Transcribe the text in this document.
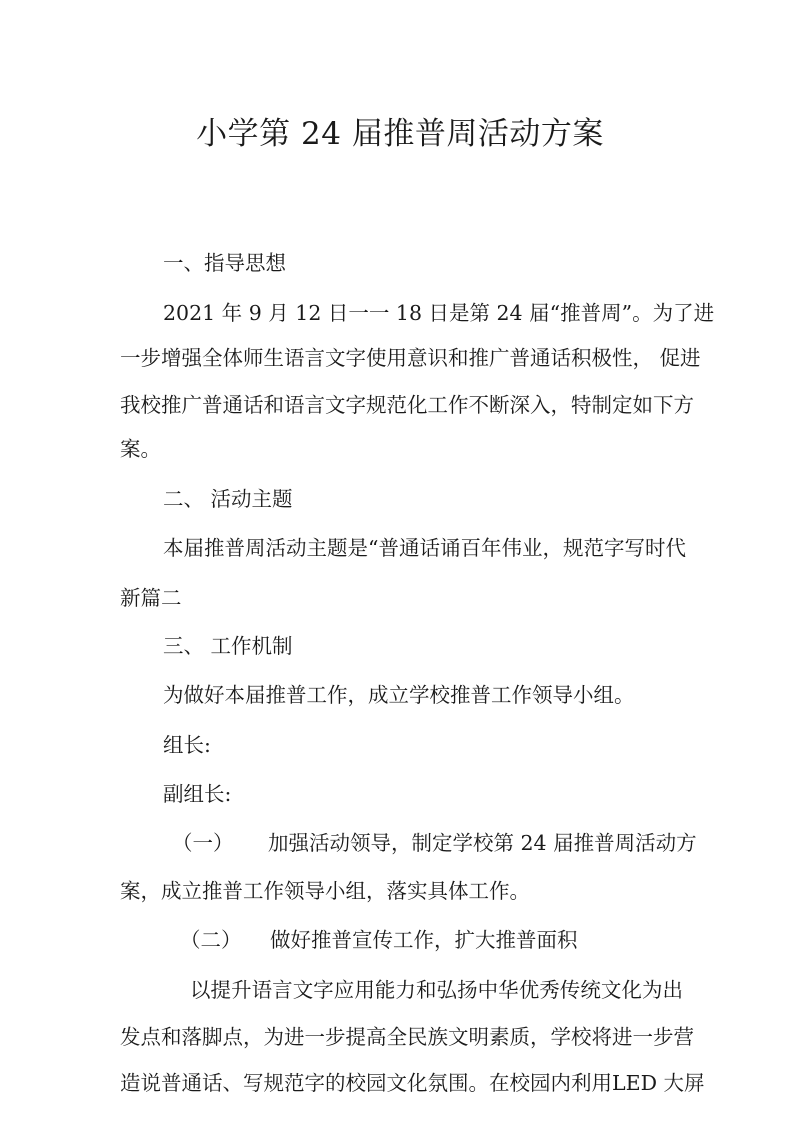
小学第 24 届推普周活动方案
一、指导思想
2021 年 9 月 12 日一一 18 日是第 24 届“推普周”。为了进
一步增强全体师生语言文字使用意识和推广普通话积极性， 促进
我校推广普通话和语言文字规范化工作不断深入，特制定如下方
案。
二、 活动主题
本届推普周活动主题是“普通话诵百年伟业，规范字写时代
新篇二
三、 工作机制
为做好本届推普工作，成立学校推普工作领导小组。
组长:
副组长:
（一） 加强活动领导，制定学校第 24 届推普周活动方
案，成立推普工作领导小组，落实具体工作。
（二） 做好推普宣传工作，扩大推普面积
以提升语言文字应用能力和弘扬中华优秀传统文化为出
发点和落脚点，为进一步提高全民族文明素质，学校将进一步营
造说普通话、写规范字的校园文化氛围。在校园内利用LED 大屏
